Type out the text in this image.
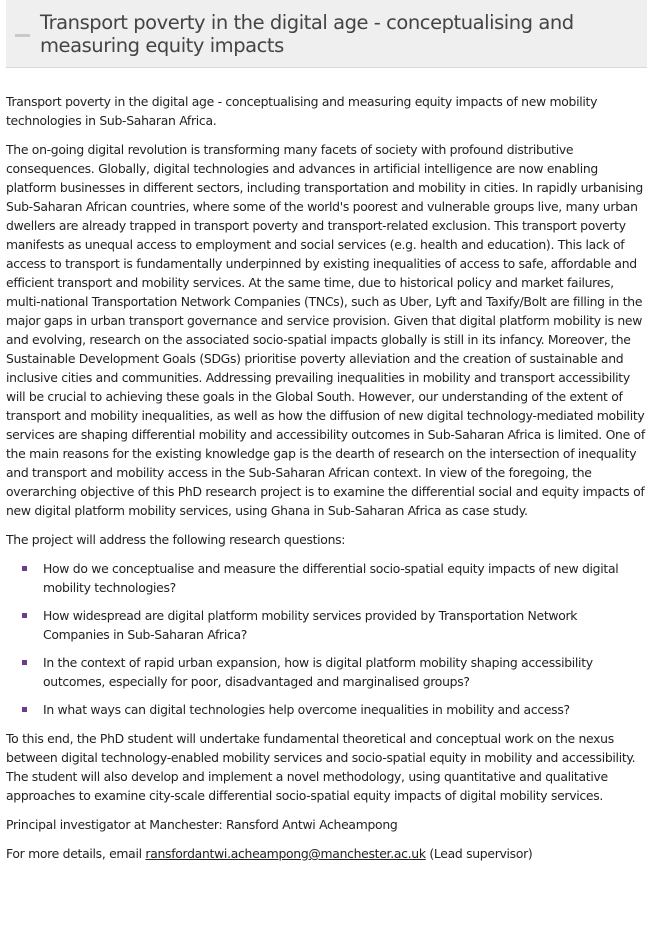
Transport poverty in the digital age - conceptualising and measuring equity impacts

Transport poverty in the digital age - conceptualising and measuring equity impacts of new mobility technologies in Sub-Saharan Africa.

The on-going digital revolution is transforming many facets of society with profound distributive consequences. Globally, digital technologies and advances in artificial intelligence are now enabling platform businesses in different sectors, including transportation and mobility in cities. In rapidly urbanising Sub-Saharan African countries, where some of the world's poorest and vulnerable groups live, many urban dwellers are already trapped in transport poverty and transport-related exclusion. This transport poverty manifests as unequal access to employment and social services (e.g. health and education). This lack of access to transport is fundamentally underpinned by existing inequalities of access to safe, affordable and efficient transport and mobility services. At the same time, due to historical policy and market failures, multi-national Transportation Network Companies (TNCs), such as Uber, Lyft and Taxify/Bolt are filling in the major gaps in urban transport governance and service provision. Given that digital platform mobility is new and evolving, research on the associated socio-spatial impacts globally is still in its infancy. Moreover, the Sustainable Development Goals (SDGs) prioritise poverty alleviation and the creation of sustainable and inclusive cities and communities. Addressing prevailing inequalities in mobility and transport accessibility will be crucial to achieving these goals in the Global South. However, our understanding of the extent of transport and mobility inequalities, as well as how the diffusion of new digital technology-mediated mobility services are shaping differential mobility and accessibility outcomes in Sub-Saharan Africa is limited. One of the main reasons for the existing knowledge gap is the dearth of research on the intersection of inequality and transport and mobility access in the Sub-Saharan African context. In view of the foregoing, the overarching objective of this PhD research project is to examine the differential social and equity impacts of new digital platform mobility services, using Ghana in Sub-Saharan Africa as case study.

The project will address the following research questions:

How do we conceptualise and measure the differential socio-spatial equity impacts of new digital mobility technologies?
How widespread are digital platform mobility services provided by Transportation Network Companies in Sub-Saharan Africa?
In the context of rapid urban expansion, how is digital platform mobility shaping accessibility outcomes, especially for poor, disadvantaged and marginalised groups?
In what ways can digital technologies help overcome inequalities in mobility and access?

To this end, the PhD student will undertake fundamental theoretical and conceptual work on the nexus between digital technology-enabled mobility services and socio-spatial equity in mobility and accessibility. The student will also develop and implement a novel methodology, using quantitative and qualitative approaches to examine city-scale differential socio-spatial equity impacts of digital mobility services.

Principal investigator at Manchester: Ransford Antwi Acheampong

For more details, email ransfordantwi.acheampong@manchester.ac.uk (Lead supervisor)
